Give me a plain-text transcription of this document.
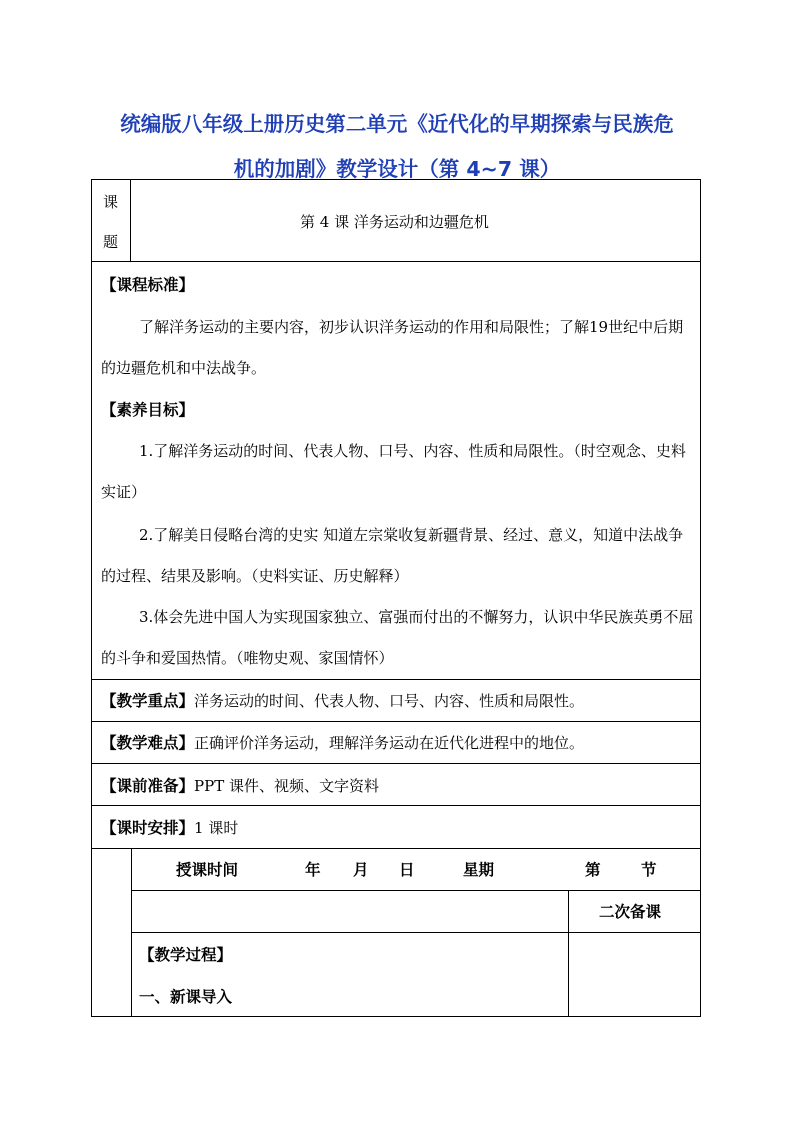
统编版八年级上册历史第二单元《近代化的早期探索与民族危
机的加剧》教学设计（第 4~7 课）
课
题
第 4 课 洋务运动和边疆危机
【课程标准】
了解洋务运动的主要内容，初步认识洋务运动的作用和局限性；了解19世纪中后期的边疆危机和中法战争。
【素养目标】
1.了解洋务运动的时间、代表人物、口号、内容、性质和局限性。（时空观念、史料实证）
2.了解美日侵略台湾的史实 知道左宗棠收复新疆背景、经过、意义，知道中法战争的过程、结果及影响。（史料实证、历史解释）
3.体会先进中国人为实现国家独立、富强而付出的不懈努力，认识中华民族英勇不屈的斗争和爱国热情。（唯物史观、家国情怀）
【教学重点】洋务运动的时间、代表人物、口号、内容、性质和局限性。
【教学难点】正确评价洋务运动，理解洋务运动在近代化进程中的地位。
【课前准备】PPT 课件、视频、文字资料
【课时安排】1 课时
授课时间	年 月 日	星期	第	节
二次备课
【教学过程】
一、新课导入
